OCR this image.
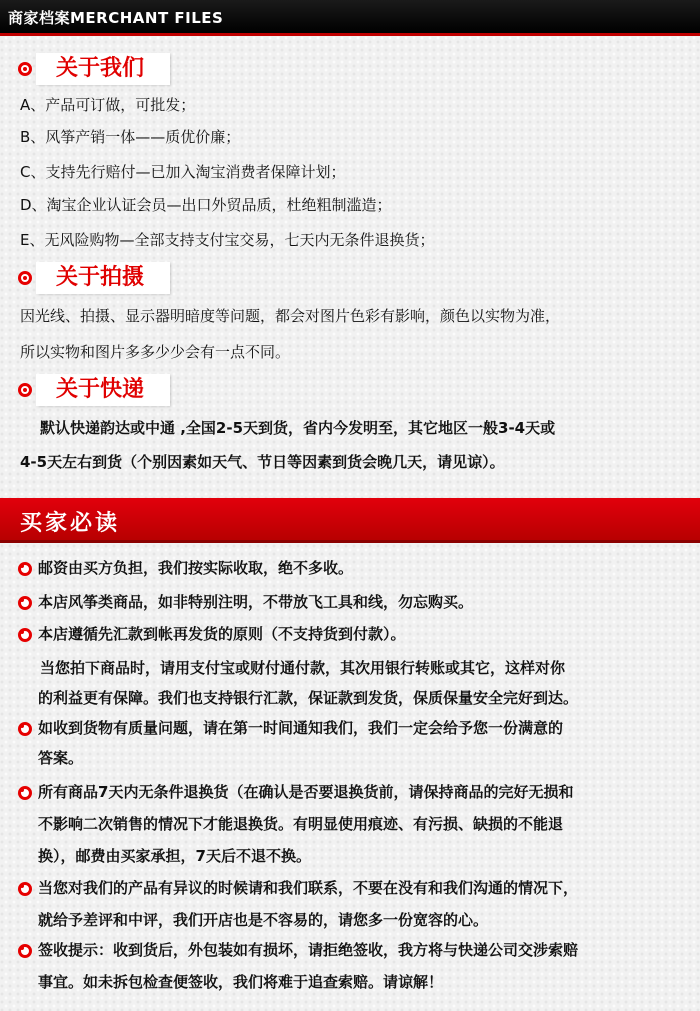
商家档案MERCHANT FILES
关于我们
A、产品可订做，可批发；
B、风筝产销一体——质优价廉；
C、支持先行赔付—已加入淘宝消费者保障计划；
D、淘宝企业认证会员—出口外贸品质，杜绝粗制滥造；
E、无风险购物—全部支持支付宝交易，七天内无条件退换货；
关于拍摄
因光线、拍摄、显示器明暗度等问题，都会对图片色彩有影响，颜色以实物为准，
所以实物和图片多多少少会有一点不同。
关于快递
默认快递韵达或中通 ,全国2-5天到货，省内今发明至，其它地区一般3-4天或
4-5天左右到货（个别因素如天气、节日等因素到货会晚几天，请见谅）。
买家必读
邮资由买方负担，我们按实际收取，绝不多收。
本店风筝类商品，如非特别注明，不带放飞工具和线，勿忘购买。
本店遵循先汇款到帐再发货的原则（不支持货到付款）。
当您拍下商品时，请用支付宝或财付通付款，其次用银行转账或其它，这样对你
的利益更有保障。我们也支持银行汇款，保证款到发货，保质保量安全完好到达。
如收到货物有质量问题，请在第一时间通知我们，我们一定会给予您一份满意的
答案。
所有商品7天内无条件退换货（在确认是否要退换货前，请保持商品的完好无损和
不影响二次销售的情况下才能退换货。有明显使用痕迹、有污损、缺损的不能退
换），邮费由买家承担，7天后不退不换。
当您对我们的产品有异议的时候请和我们联系，不要在没有和我们沟通的情况下，
就给予差评和中评，我们开店也是不容易的，请您多一份宽容的心。
签收提示：收到货后，外包装如有损坏，请拒绝签收，我方将与快递公司交涉索赔
事宜。如未拆包检查便签收，我们将难于追查索赔。请谅解！
